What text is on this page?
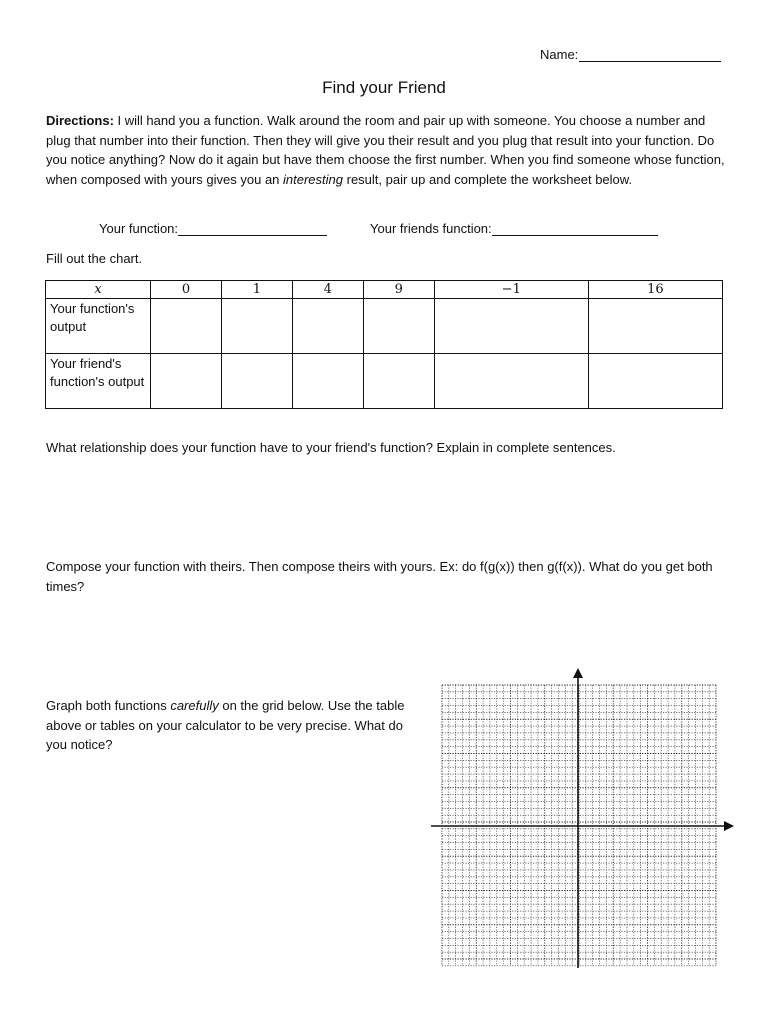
Name:
Find your Friend
Directions: I will hand you a function. Walk around the room and pair up with someone. You choose a number and plug that number into their function. Then they will give you their result and you plug that result into your function. Do you notice anything? Now do it again but have them choose the first number. When you find someone whose function, when composed with yours gives you an interesting result, pair up and complete the worksheet below.
Your function:	Your friends function:
Fill out the chart.
x	0	1	4	9	−1	16
Your function's output						
Your friend's function's output						
What relationship does your function have to your friend's function? Explain in complete sentences.
Compose your function with theirs. Then compose theirs with yours. Ex: do f(g(x)) then g(f(x)). What do you get both times?
Graph both functions carefully on the grid below. Use the table above or tables on your calculator to be very precise. What do you notice?
